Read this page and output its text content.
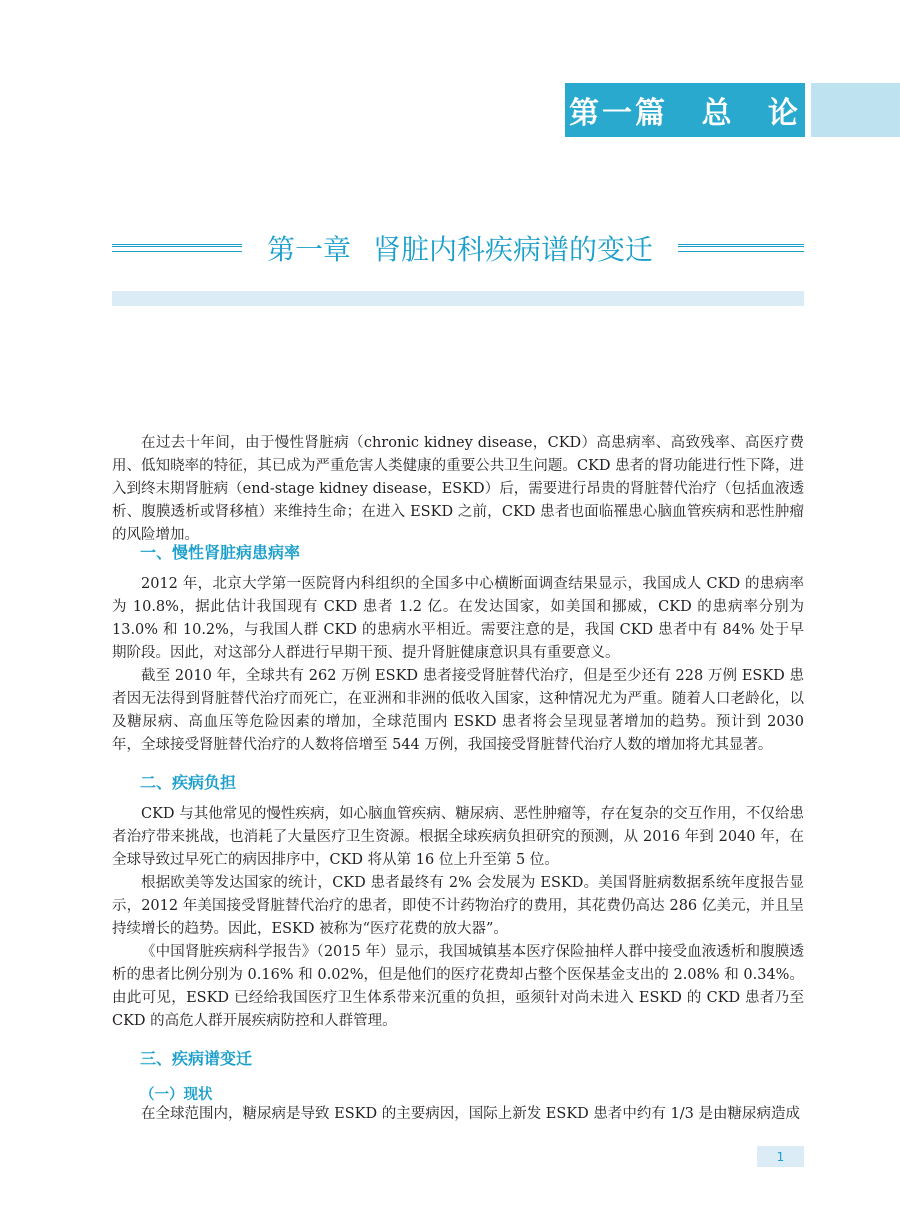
第一篇 总 论
第一章 肾脏内科疾病谱的变迁

在过去十年间，由于慢性肾脏病（chronic kidney disease，CKD）高患病率、高致残率、高医疗费用、低知晓率的特征，其已成为严重危害人类健康的重要公共卫生问题。CKD 患者的肾功能进行性下降，进入到终末期肾脏病（end-stage kidney disease，ESKD）后，需要进行昂贵的肾脏替代治疗（包括血液透析、腹膜透析或肾移植）来维持生命；在进入 ESKD 之前，CKD 患者也面临罹患心脑血管疾病和恶性肿瘤的风险增加。

一、慢性肾脏病患病率

2012 年，北京大学第一医院肾内科组织的全国多中心横断面调查结果显示，我国成人 CKD 的患病率为 10.8%，据此估计我国现有 CKD 患者 1.2 亿。在发达国家，如美国和挪威，CKD 的患病率分别为 13.0% 和 10.2%，与我国人群 CKD 的患病水平相近。需要注意的是，我国 CKD 患者中有 84% 处于早期阶段。因此，对这部分人群进行早期干预、提升肾脏健康意识具有重要意义。

截至 2010 年，全球共有 262 万例 ESKD 患者接受肾脏替代治疗，但是至少还有 228 万例 ESKD 患者因无法得到肾脏替代治疗而死亡，在亚洲和非洲的低收入国家，这种情况尤为严重。随着人口老龄化，以及糖尿病、高血压等危险因素的增加，全球范围内 ESKD 患者将会呈现显著增加的趋势。预计到 2030 年，全球接受肾脏替代治疗的人数将倍增至 544 万例，我国接受肾脏替代治疗人数的增加将尤其显著。

二、疾病负担

CKD 与其他常见的慢性疾病，如心脑血管疾病、糖尿病、恶性肿瘤等，存在复杂的交互作用，不仅给患者治疗带来挑战，也消耗了大量医疗卫生资源。根据全球疾病负担研究的预测，从 2016 年到 2040 年，在全球导致过早死亡的病因排序中，CKD 将从第 16 位上升至第 5 位。

根据欧美等发达国家的统计，CKD 患者最终有 2% 会发展为 ESKD。美国肾脏病数据系统年度报告显示，2012 年美国接受肾脏替代治疗的患者，即使不计药物治疗的费用，其花费仍高达 286 亿美元，并且呈持续增长的趋势。因此，ESKD 被称为“医疗花费的放大器”。

《中国肾脏疾病科学报告》（2015 年）显示，我国城镇基本医疗保险抽样人群中接受血液透析和腹膜透析的患者比例分别为 0.16% 和 0.02%，但是他们的医疗花费却占整个医保基金支出的 2.08% 和 0.34%。由此可见，ESKD 已经给我国医疗卫生体系带来沉重的负担，亟须针对尚未进入 ESKD 的 CKD 患者乃至 CKD 的高危人群开展疾病防控和人群管理。

三、疾病谱变迁
（一）现状

在全球范围内，糖尿病是导致 ESKD 的主要病因，国际上新发 ESKD 患者中约有 1/3 是由糖尿病造成

1
